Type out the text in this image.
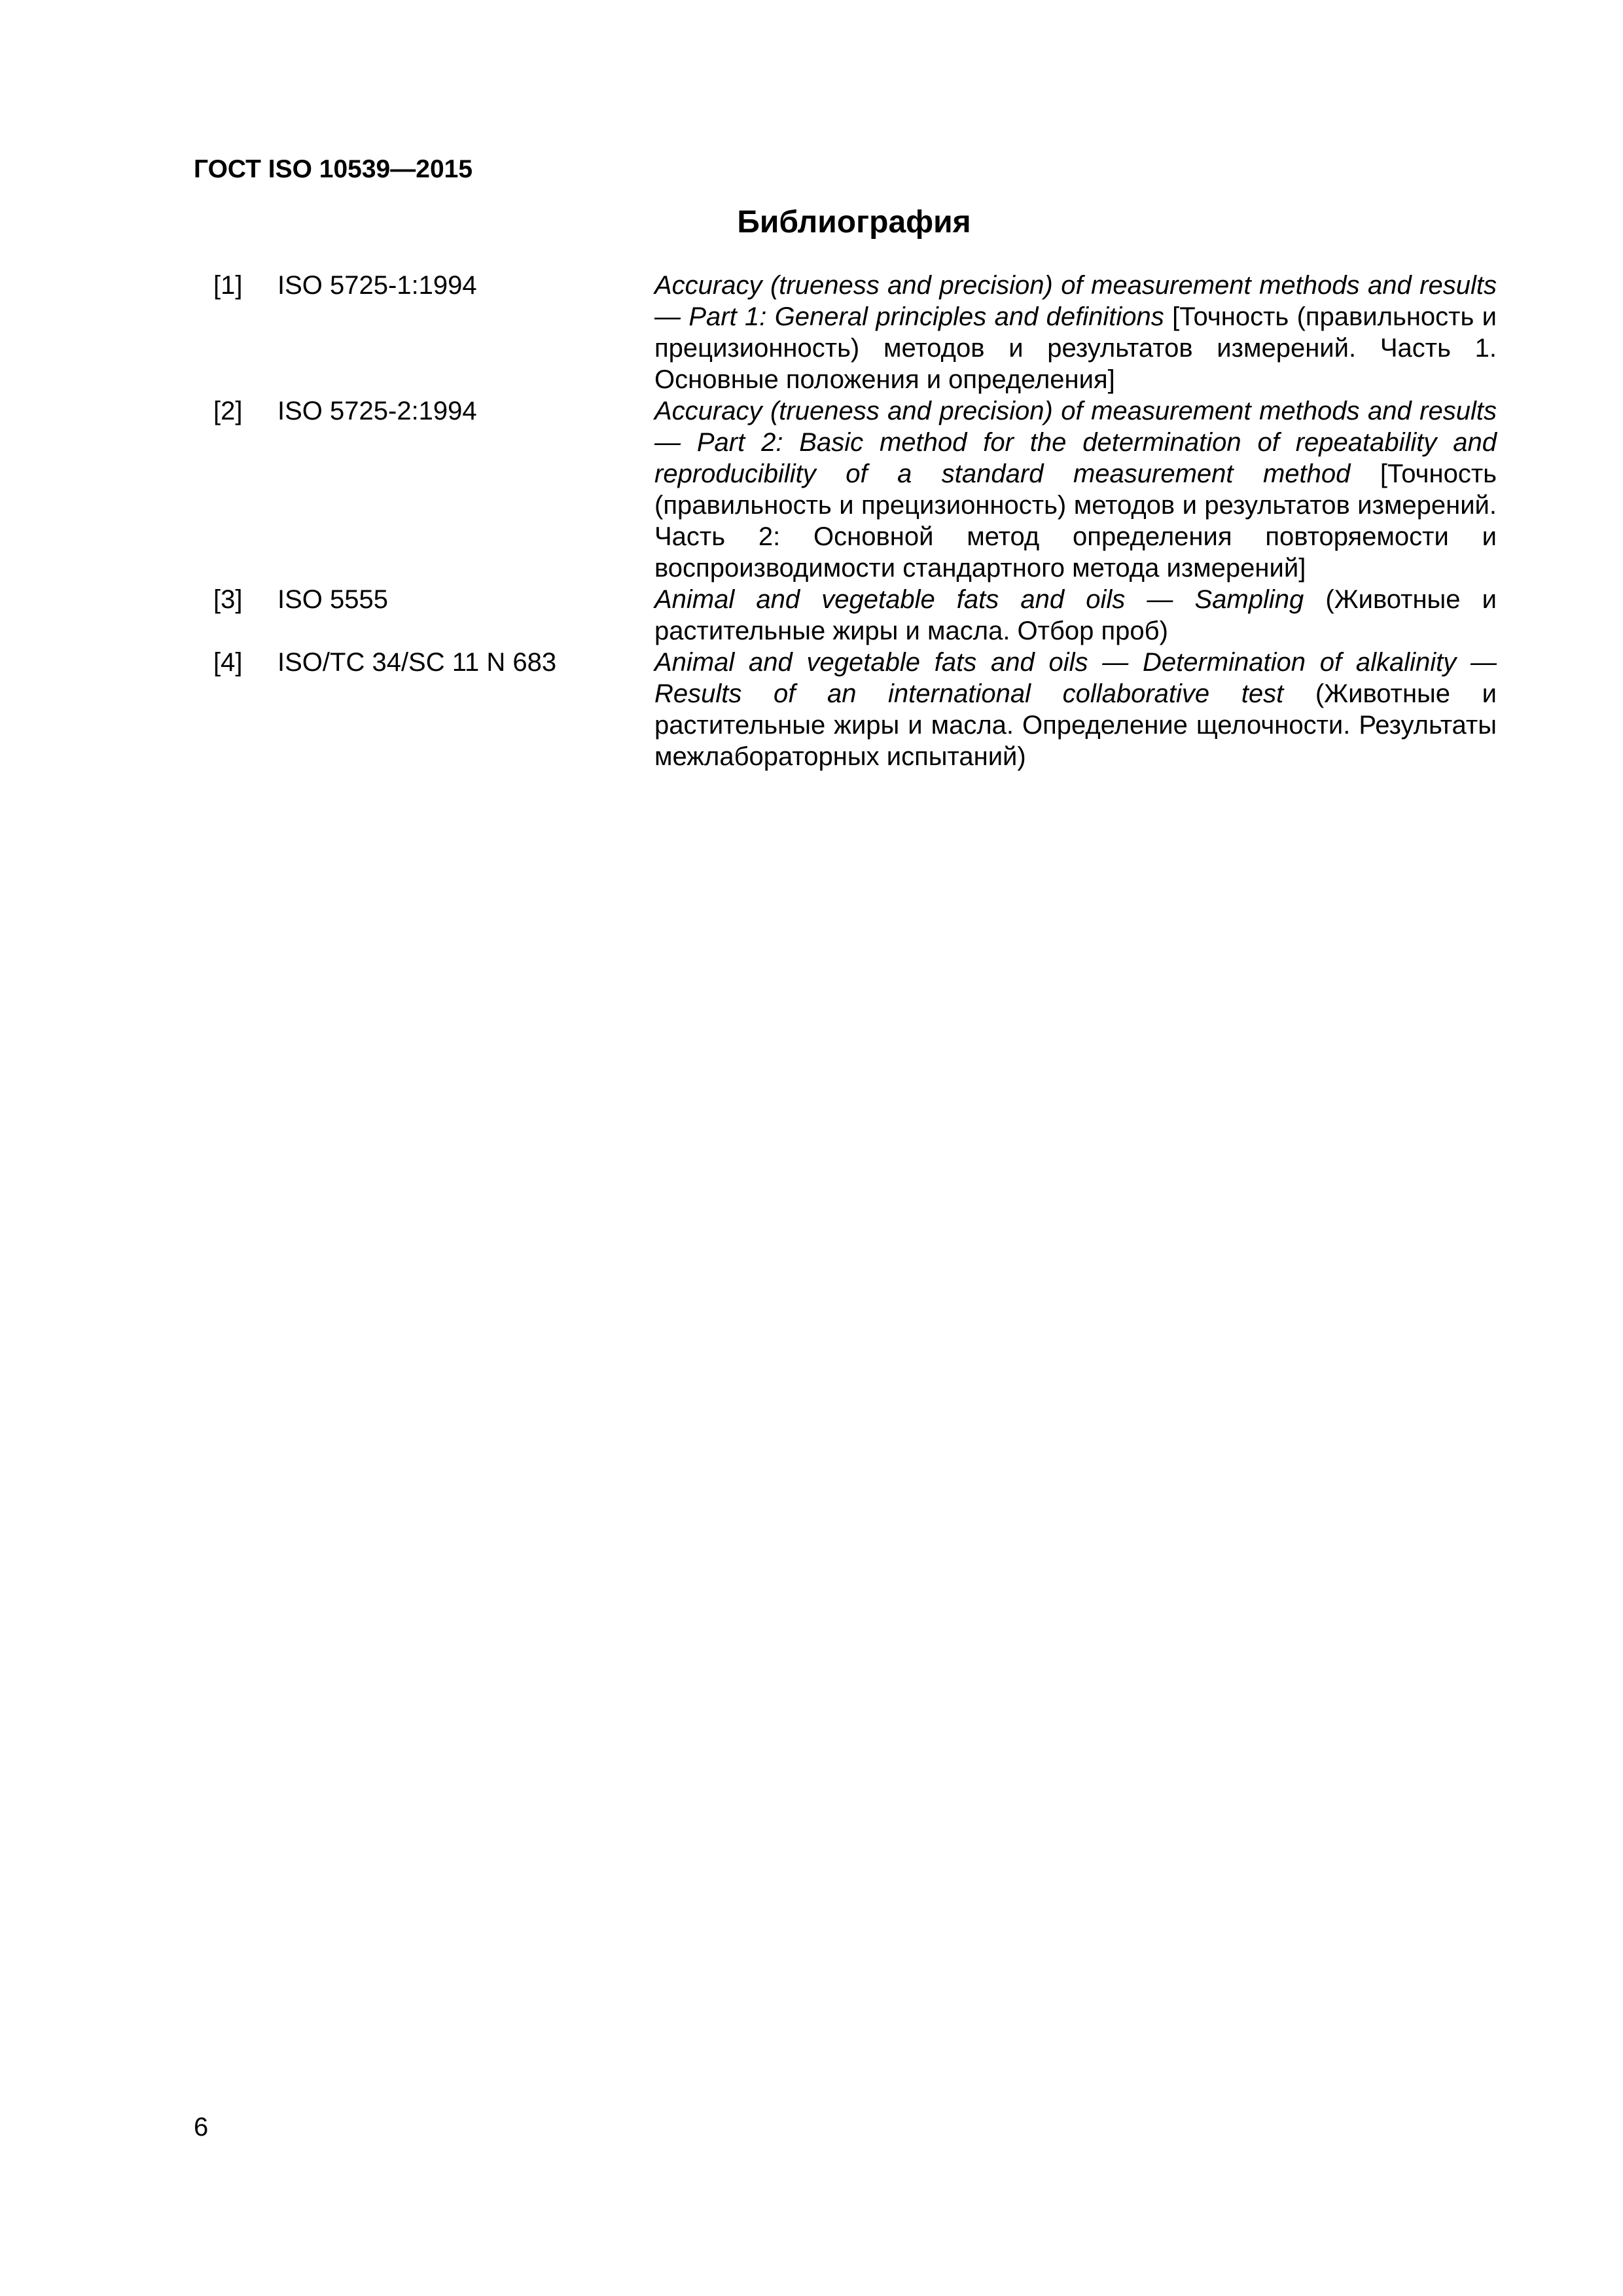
ГОСТ ISO 10539—2015
Библиография
[1] ISO 5725-1:1994	Accuracy (trueness and precision) of measurement methods and results — Part 1: General principles and definitions [Точность (правильность и прецизионность) методов и результатов измерений. Часть 1. Основные положения и определения]
[2] ISO 5725-2:1994	Accuracy (trueness and precision) of measurement methods and results — Part 2: Basic method for the determination of repeatability and reproducibility of a standard measurement method [Точность (правильность и прецизионность) методов и результатов измерений. Часть 2: Основной метод определения повторяемости и воспроизводимости стандартного метода измерений]
[3] ISO 5555	Animal and vegetable fats and oils — Sampling (Животные и растительные жиры и масла. Отбор проб)
[4] ISO/TC 34/SC 11 N 683	Animal and vegetable fats and oils — Determination of alkalinity — Results of an international collaborative test (Животные и растительные жиры и масла. Определение щелочности. Результаты межлабораторных испытаний)
6
